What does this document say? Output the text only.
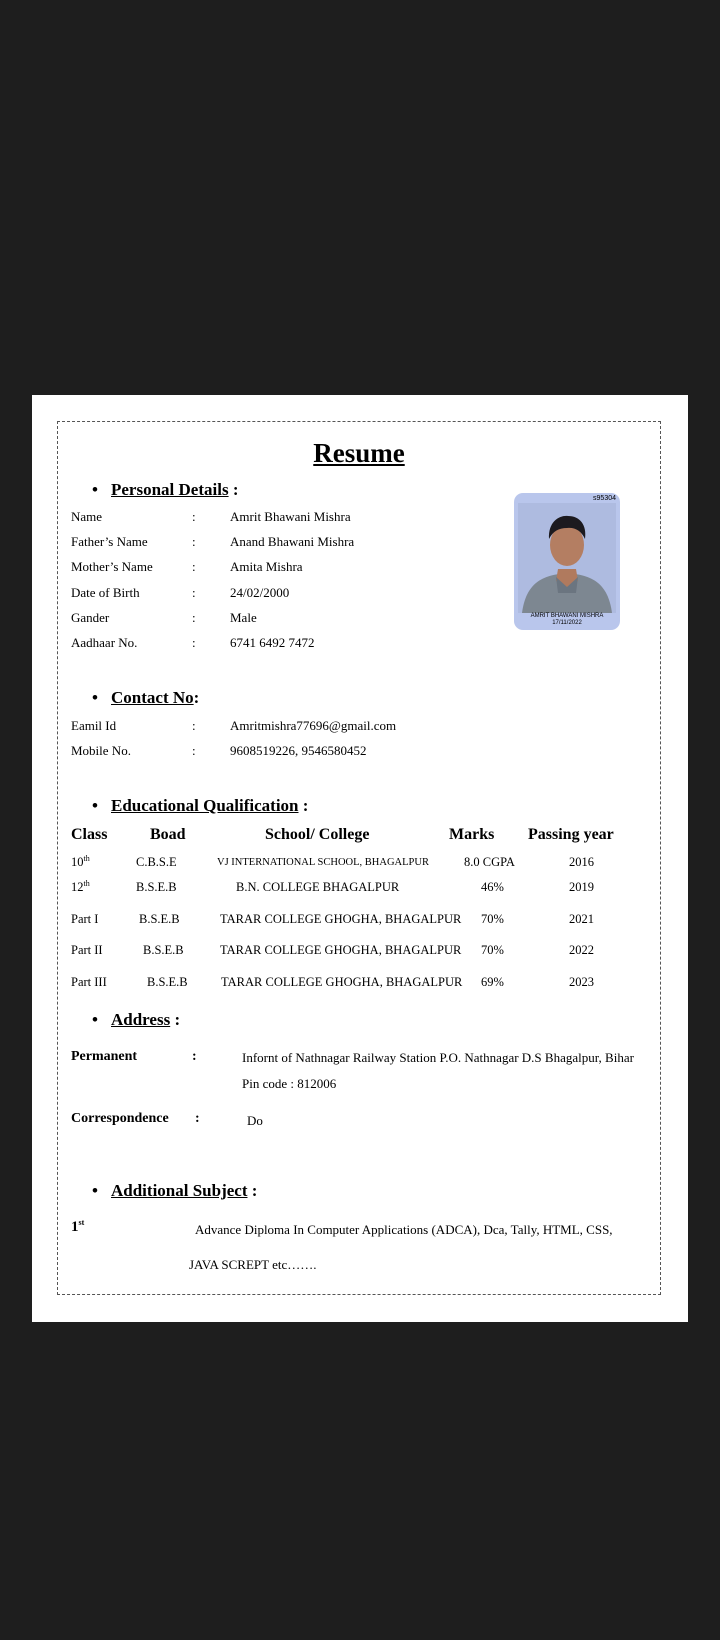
Resume
• Personal Details :
Name	:	Amrit Bhawani Mishra
Father’s Name	:	Anand Bhawani Mishra
Mother’s Name	:	Amita Mishra
Date of Birth	:	24/02/2000
Gander	:	Male
Aadhaar No.	:	6741 6492 7472
s95304
AMRIT BHAWANI MISHRA
17/11/2022
• Contact No:
Eamil Id	:	Amritmishra77696@gmail.com
Mobile No.	:	9608519226, 9546580452
• Educational Qualification :
Class	Boad	School/ College	Marks Passing year
10th	C.B.S.E	VJ INTERNATIONAL SCHOOL, BHAGALPUR	8.0 CGPA	2016
12th	B.S.E.B	B.N. COLLEGE BHAGALPUR	46%	2019
Part I	B.S.E.B	TARAR COLLEGE GHOGHA, BHAGALPUR 70%	2021
Part II	B.S.E.B	TARAR COLLEGE GHOGHA, BHAGALPUR 70%	2022
Part III	B.S.E.B	TARAR COLLEGE GHOGHA, BHAGALPUR 69%	2023
• Address :
Permanent	:	Infornt of Nathnagar Railway Station P.O. Nathnagar D.S Bhagalpur, Bihar
Pin code : 812006
Correspondence :	Do
• Additional Subject :
1st	Advance Diploma In Computer Applications (ADCA), Dca, Tally, HTML, CSS,
JAVA SCREPT etc…….
